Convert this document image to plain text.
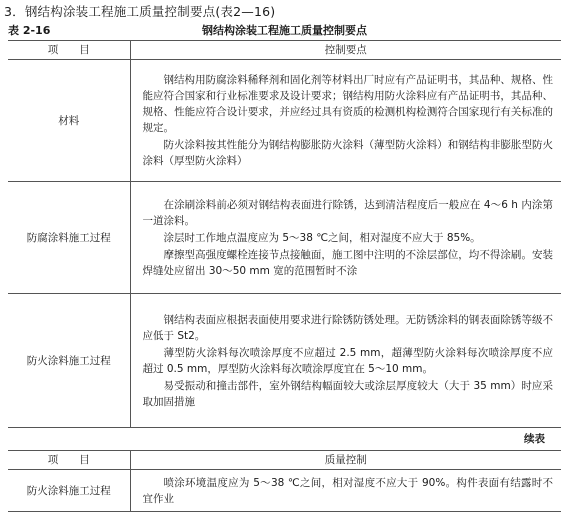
3．钢结构涂装工程施工质量控制要点(表2—16)
表 2-16	钢结构涂装工程施工质量控制要点
项　　目	控制要点
材料	钢结构用防腐涂料稀释剂和固化剂等材料出厂时应有产品证明书，其品种、规格、性能应符合国家和行业标准要求及设计要求；钢结构用防火涂料应有产品证明书，其品种、规格、性能应符合设计要求，并应经过具有资质的检测机构检测符合国家现行有关标准的规定。

防火涂料按其性能分为钢结构膨胀防火涂料（薄型防火涂料）和钢结构非膨胀型防火涂料（厚型防火涂料）

防腐涂料施工过程	在涂刷涂料前必须对钢结构表面进行除锈，达到清洁程度后一般应在 4～6 h 内涂第一道涂料。

涂层时工作地点温度应为 5～38 ℃之间，相对湿度不应大于 85%。

摩擦型高强度螺栓连接节点接触面，施工图中注明的不涂层部位，均不得涂刷。安装焊缝处应留出 30～50 mm 宽的范围暂时不涂

防火涂料施工过程	钢结构表面应根据表面使用要求进行除锈防锈处理。无防锈涂料的钢表面除锈等级不应低于 St2。

薄型防火涂料每次喷涂厚度不应超过 2.5 mm，超薄型防火涂料每次喷涂厚度不应超过 0.5 mm，厚型防火涂料每次喷涂厚度宜在 5～10 mm。

易受振动和撞击部件，室外钢结构幅面较大或涂层厚度较大（大于 35 mm）时应采取加固措施

续表
项　　目	质量控制
防火涂料施工过程	喷涂环境温度应为 5～38 ℃之间，相对湿度不应大于 90%。构件表面有结露时不宜作业
